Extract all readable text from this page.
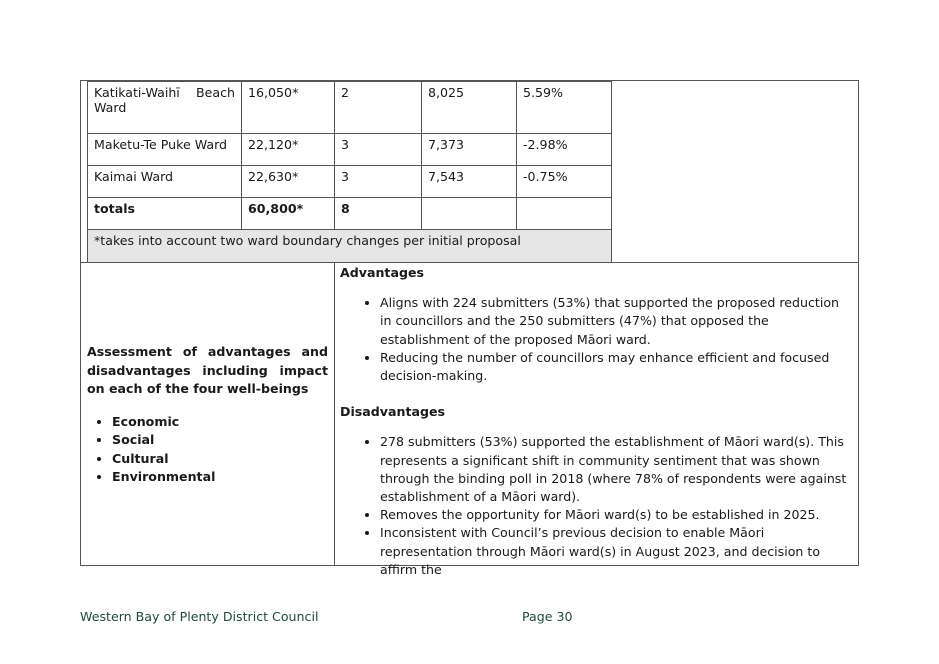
Katikati-Waihī Beach Ward	16,050*	2	8,025	5.59%
Maketu-Te Puke Ward	22,120*	3	7,373	-2.98%
Kaimai Ward	22,630*	3	7,543	-0.75%
totals	60,800*	8		
*takes into account two ward boundary changes per initial proposal				
Assessment of advantages and disadvantages including impact on each of the four well-beings
• Economic
• Social
• Cultural
• Environmental

Advantages

• Aligns with 224 submitters (53%) that supported the proposed reduction in councillors and the 250 submitters (47%) that opposed the establishment of the proposed Māori ward.
• Reducing the number of councillors may enhance efficient and focused decision-making.

Disadvantages

• 278 submitters (53%) supported the establishment of Māori ward(s). This represents a significant shift in community sentiment that was shown through the binding poll in 2018 (where 78% of respondents were against establishment of a Māori ward).
• Removes the opportunity for Māori ward(s) to be established in 2025.
• Inconsistent with Council’s previous decision to enable Māori representation through Māori ward(s) in August 2023, and decision to affirm the
Western Bay of Plenty District Council	Page 30
